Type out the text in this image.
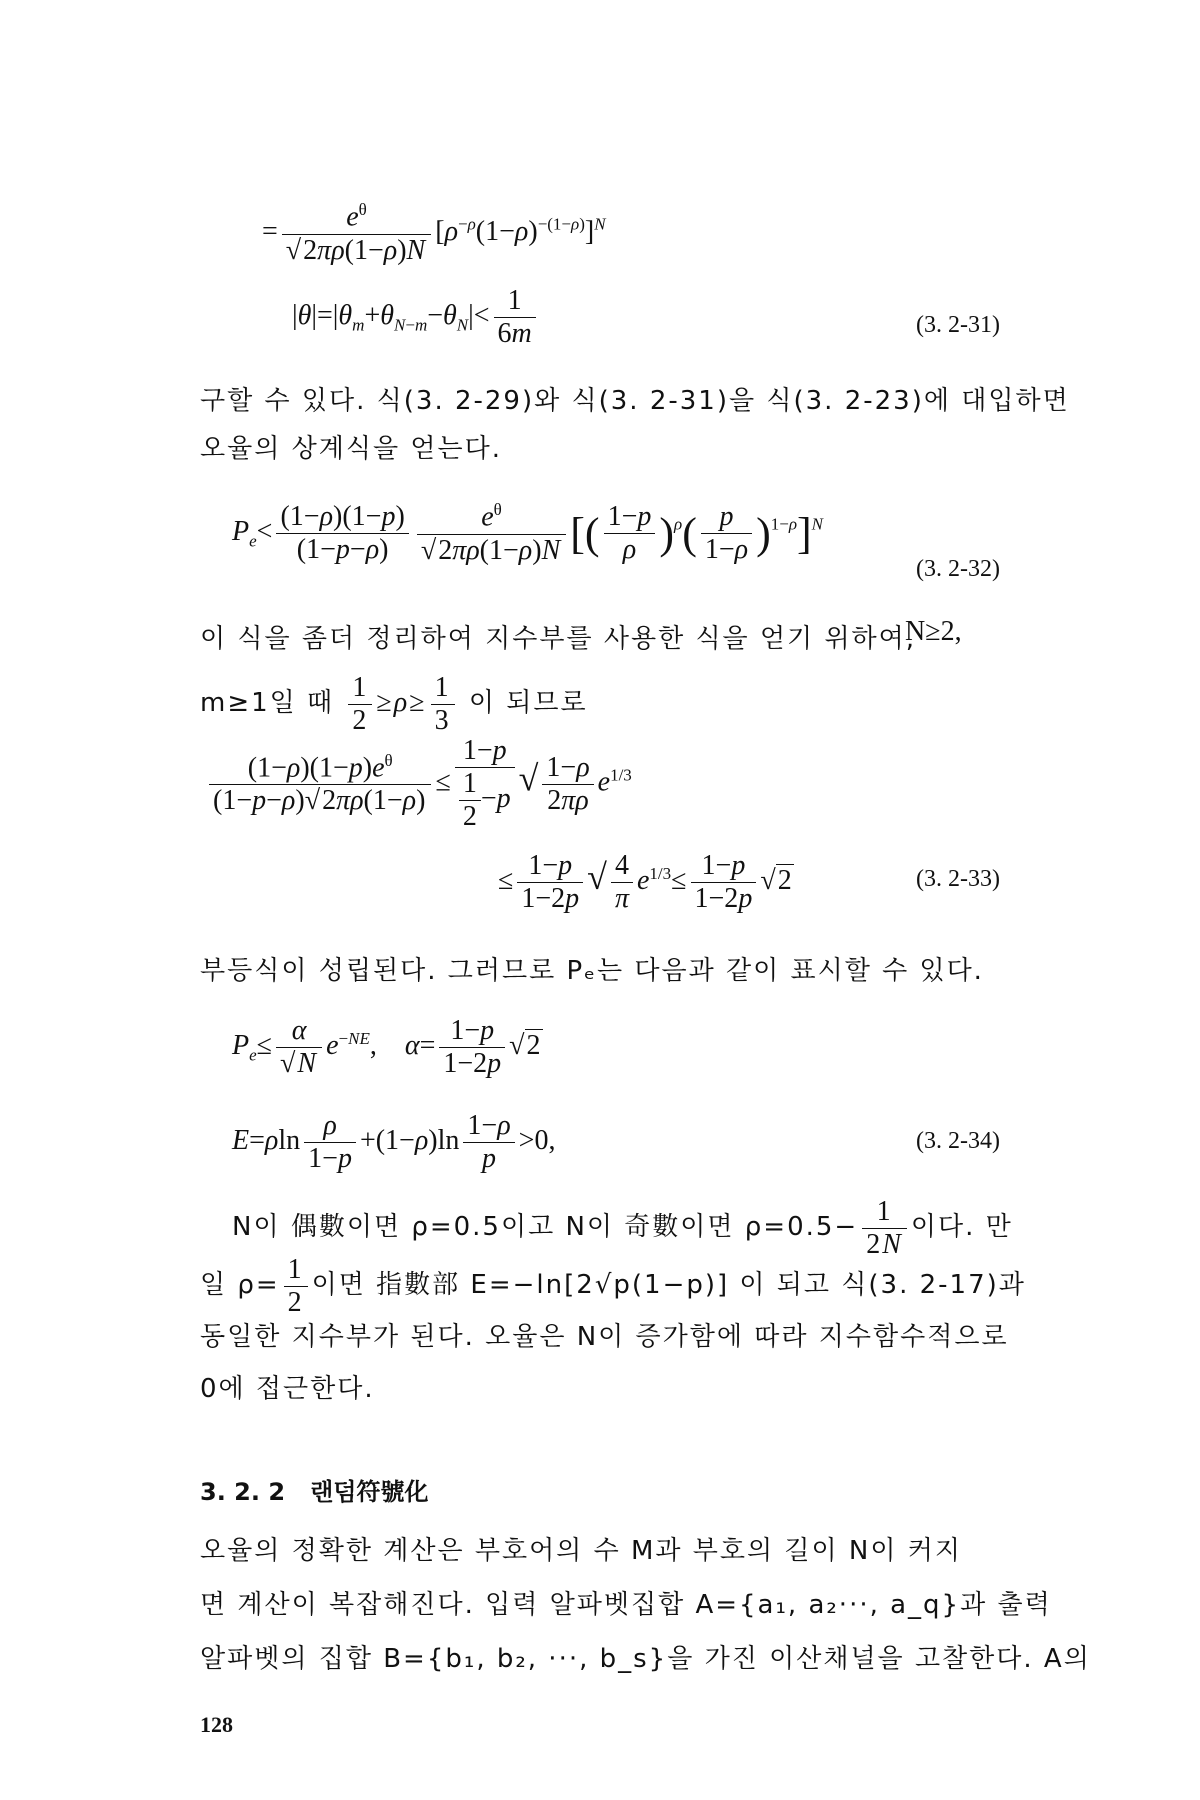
= $\frac{e^\theta}{√2\pi\rho(1-\rho)N} [\rho^{-\rho}(1-\rho)^{-(1-\rho)}]^N$
$|\theta|=|\theta_m+\theta_{N-m}-\theta_N|< \frac{1}{6m}$	(3. 2-31)
구할 수 있다. 식(3. 2-29)와 식(3. 2-31)을 식(3. 2-23)에 대입하면
오율의 상계식을 얻는다.
$P_e< \frac{(1-\rho)(1-p)}{(1-p-\rho)} \frac{e^\theta}{√2\pi\rho(1-\rho)N}$ [( $\frac{1-p}{\rho} )^\rho( \frac{p}{1-\rho} )^{1-\rho}]^N$
(3. 2-32)
이 식을 좀더 정리하여 지수부를 사용한 식을 얻기 위하여,
N≥2,
m≥1일 때 $\frac{1}{2} \ge\rho\ge \frac{1}{3}$ 이 되므로
$\frac{(1-\rho)(1-p)e^\theta}{(1-p-\rho)√2\pi\rho(1-\rho)} \le \frac{1-p}{\frac{1}{2} -p}$ √ $\frac{1-\rho}{2\pi\rho} e^{1/3}$
≤ $\frac{1-p}{1-2p}$ √ $\frac{4}{\pi} e^{1/3}\le \frac{1-p}{1-2p} √2$	(3. 2-33)
부등식이 성립된다. 그러므로 Pₑ는 다음과 같이 표시할 수 있다.
$P_e\le \frac{\alpha}{√N} e^{-NE}$,    $\alpha= \frac{1-p}{1-2p} √2$
$E=\rho\ln \frac{\rho}{1-p} +(1-\rho)\ln \frac{1-\rho}{p} >0$,	(3. 2-34)
N이 偶數이면 ρ=0.5이고 N이 奇數이면 $\rho=0.5- \frac{1}{2N}$ 이다. 만
일 $\rho= \frac{1}{2}$ 이면 指數部 E=−ln[2√p(1−p)] 이 되고 식(3. 2-17)과
동일한 지수부가 된다. 오율은 N이 증가함에 따라 지수함수적으로
0에 접근한다.
3. 2. 2 랜덤符號化
오율의 정확한 계산은 부호어의 수 M과 부호의 길이 N이 커지
면 계산이 복잡해진다. 입력 알파벳집합 A={a₁, a₂···, a_q}과 출력
알파벳의 집합 B={b₁, b₂, ···, b_s}을 가진 이산채널을 고찰한다. A의
128
